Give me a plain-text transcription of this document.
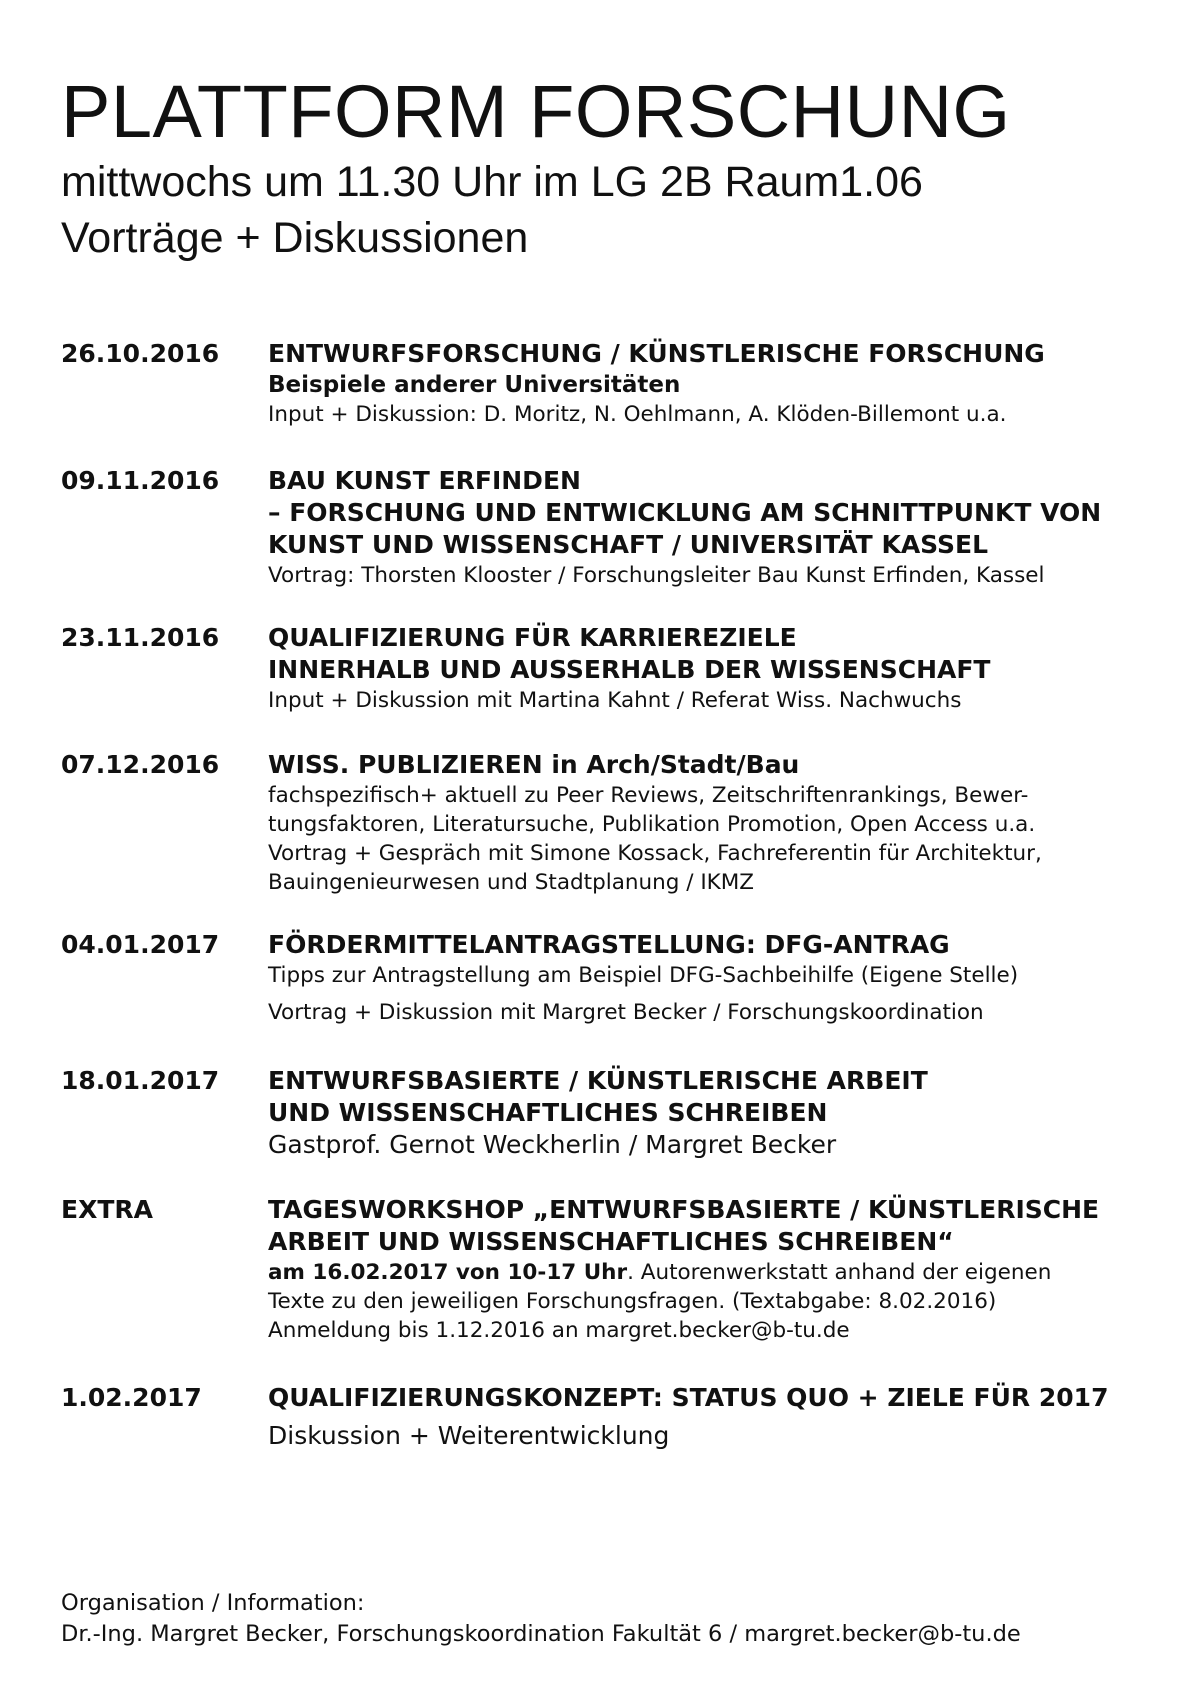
PLATTFORM FORSCHUNG

mittwochs um 11.30 Uhr im LG 2B Raum1.06

Vorträge + Diskussionen

26.10.2016 ENTWURFSFORSCHUNG / KÜNSTLERISCHE FORSCHUNG
Beispiele anderer Universitäten
Input + Diskussion: D. Moritz, N. Oehlmann, A. Klöden-Billemont u.a.
09.11.2016 BAU KUNST ERFINDEN
– FORSCHUNG UND ENTWICKLUNG AM SCHNITTPUNKT VON
KUNST UND WISSENSCHAFT / UNIVERSITÄT KASSEL
Vortrag: Thorsten Klooster / Forschungsleiter Bau Kunst Erfinden, Kassel
23.11.2016 QUALIFIZIERUNG FÜR KARRIEREZIELE
INNERHALB UND AUSSERHALB DER WISSENSCHAFT
Input + Diskussion mit Martina Kahnt / Referat Wiss. Nachwuchs
07.12.2016 WISS. PUBLIZIEREN in Arch/Stadt/Bau
fachspezifisch+ aktuell zu Peer Reviews, Zeitschriftenrankings, Bewer-
tungsfaktoren, Literatursuche, Publikation Promotion, Open Access u.a.
Vortrag + Gespräch mit Simone Kossack, Fachreferentin für Architektur,
Bauingenieurwesen und Stadtplanung / IKMZ
04.01.2017 FÖRDERMITTELANTRAGSTELLUNG: DFG-ANTRAG
Tipps zur Antragstellung am Beispiel DFG-Sachbeihilfe (Eigene Stelle)
Vortrag + Diskussion mit Margret Becker / Forschungskoordination
18.01.2017 ENTWURFSBASIERTE / KÜNSTLERISCHE ARBEIT
UND WISSENSCHAFTLICHES SCHREIBEN
Gastprof. Gernot Weckherlin / Margret Becker
EXTRA	TAGESWORKSHOP „ENTWURFSBASIERTE / KÜNSTLERISCHE
ARBEIT UND WISSENSCHAFTLICHES SCHREIBEN“
am 16.02.2017 von 10-17 Uhr. Autorenwerkstatt anhand der eigenen
Texte zu den jeweiligen Forschungsfragen. (Textabgabe: 8.02.2016)
Anmeldung bis 1.12.2016 an margret.becker@b-tu.de
1.02.2017	QUALIFIZIERUNGSKONZEPT: STATUS QUO + ZIELE FÜR 2017
Diskussion + Weiterentwicklung
Organisation / Information:
Dr.-Ing. Margret Becker, Forschungskoordination Fakultät 6 / margret.becker@b-tu.de
